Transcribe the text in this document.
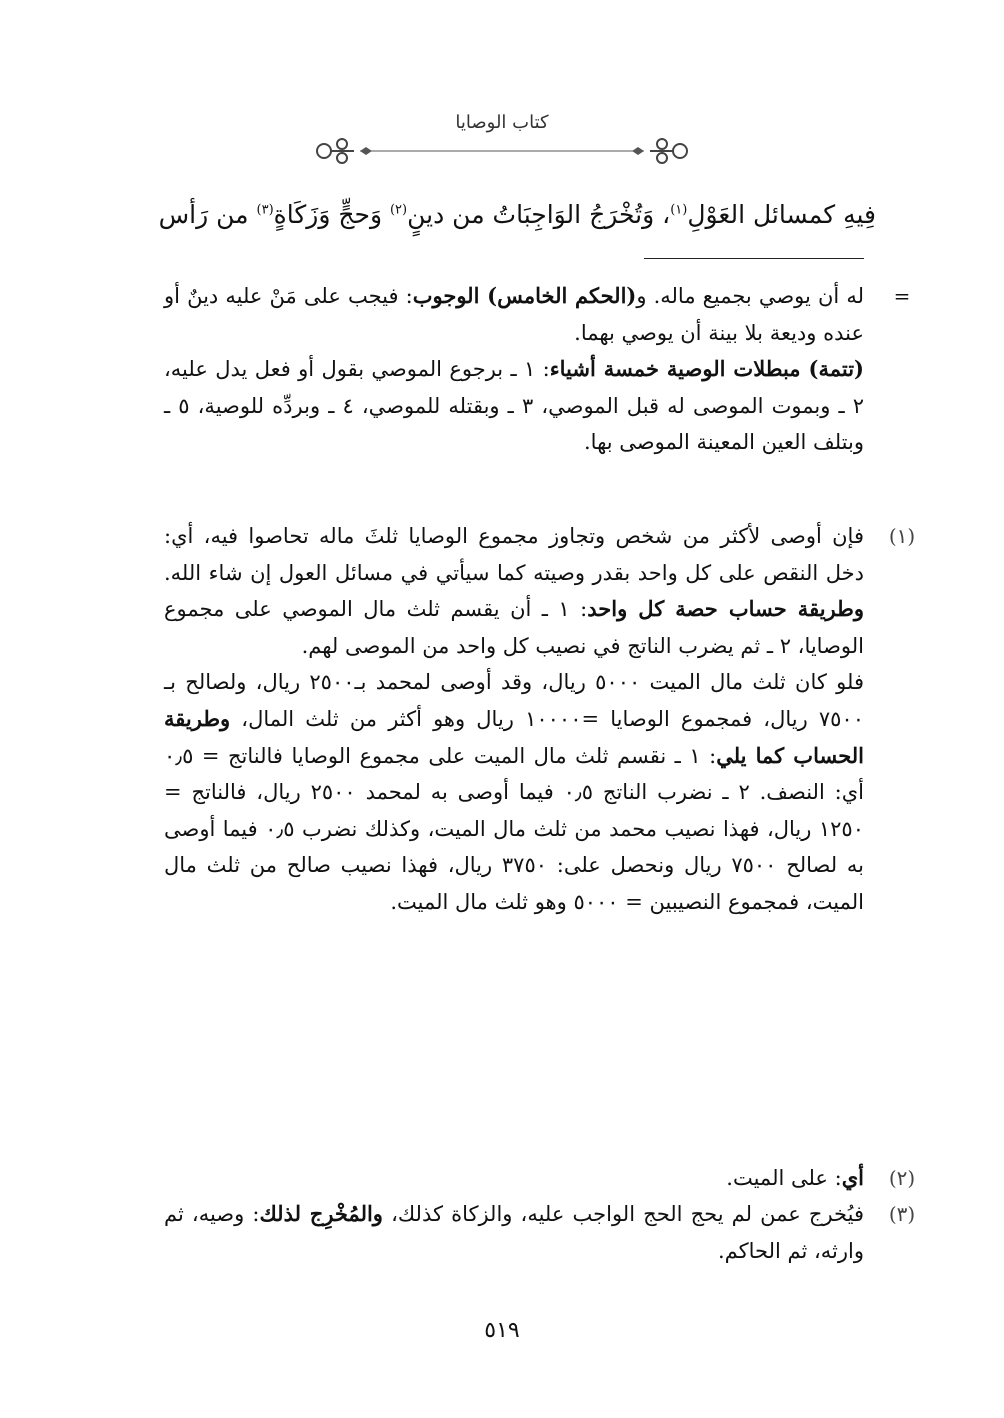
كتاب الوصايا
فِيهِ كمسائل العَوْلِ$^{(١)}$، وَتُخْرَجُ الوَاجِبَاتُ من دينٍ$^{(٢)}$ وَحجٍّ وَزَكَاةٍ$^{(٣)}$ من رَأس
=
له أن يوصي بجميع ماله. و(الحكم الخامس) الوجوب: فيجب على مَنْ عليه دينٌ أو عنده وديعة بلا بينة أن يوصي بهما.
(تتمة) مبطلات الوصية خمسة أشياء: ١ ـ برجوع الموصي بقول أو فعل يدل عليه، ٢ ـ وبموت الموصى له قبل الموصي، ٣ ـ وبقتله للموصي، ٤ ـ وبردِّه للوصية، ٥ ـ وبتلف العين المعينة الموصى بها.
(١)
فإن أوصى لأكثر من شخص وتجاوز مجموع الوصايا ثلثَ ماله تحاصوا فيه، أي: دخل النقص على كل واحد بقدر وصيته كما سيأتي في مسائل العول إن شاء الله. وطريقة حساب حصة كل واحد: ١ ـ أن يقسم ثلث مال الموصي على مجموع الوصايا، ٢ ـ ثم يضرب الناتج في نصيب كل واحد من الموصى لهم.
فلو كان ثلث مال الميت ٥٠٠٠ ريال، وقد أوصى لمحمد بـ٢٥٠٠ ريال، ولصالح بـ ٧٥٠٠ ريال، فمجموع الوصايا =١٠٠٠٠ ريال وهو أكثر من ثلث المال، وطريقة الحساب كما يلي: ١ ـ نقسم ثلث مال الميت على مجموع الوصايا فالناتج = ٠٫٥ أي: النصف. ٢ ـ نضرب الناتج ٠٫٥ فيما أوصى به لمحمد ٢٥٠٠ ريال، فالناتج = ١٢٥٠ ريال، فهذا نصيب محمد من ثلث مال الميت، وكذلك نضرب ٠٫٥ فيما أوصى به لصالح ٧٥٠٠ ريال ونحصل على: ٣٧٥٠ ريال، فهذا نصيب صالح من ثلث مال الميت، فمجموع النصيبين = ٥٠٠٠ وهو ثلث مال الميت.
(٢)
أي: على الميت.
(٣)
فيُخرج عمن لم يحج الحج الواجب عليه، والزكاة كذلك، والمُخْرِج لذلك: وصيه، ثم وارثه، ثم الحاكم.
٥١٩
